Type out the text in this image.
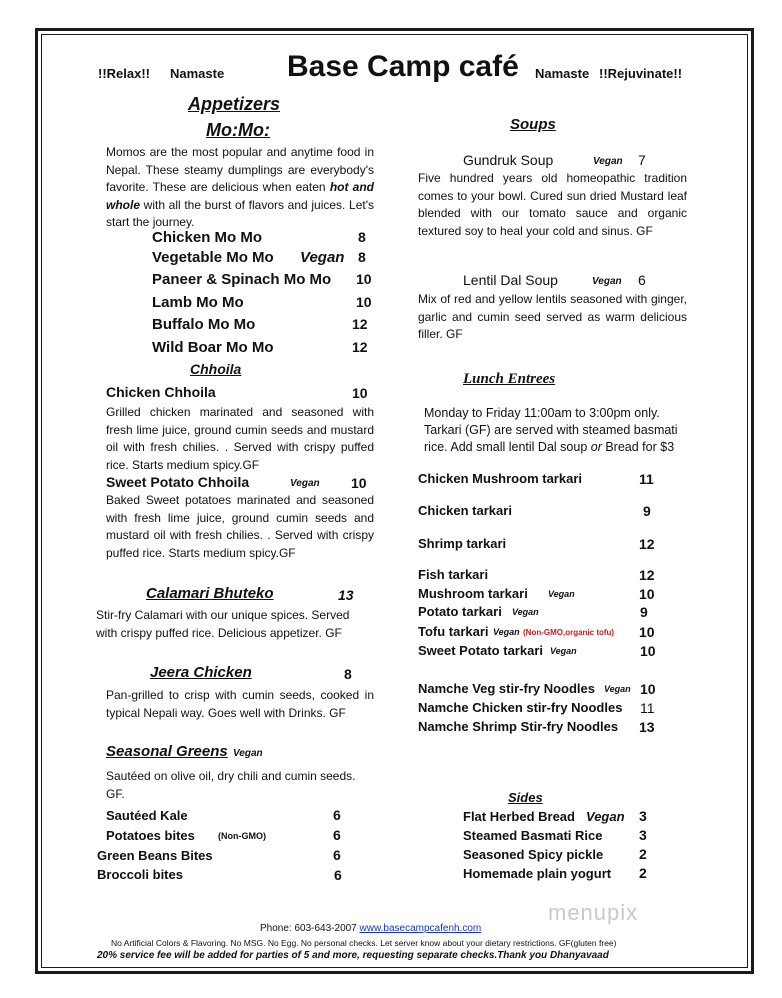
!!Relax!! Namaste Base Camp café Namaste !!Rejuvinate!!
Appetizers
Mo:Mo:
Momos are the most popular and anytime food in Nepal. These steamy dumplings are everybody's favorite. These are delicious when eaten hot and whole with all the burst of flavors and juices. Let's start the journey.
Chicken Mo Mo	8
Vegetable Mo Mo Vegan 8
Paneer & Spinach Mo Mo 10
Lamb Mo Mo	10
Buffalo Mo Mo	12
Wild Boar Mo Mo	12
Chhoila
Chicken Chhoila	10
Grilled chicken marinated and seasoned with fresh lime juice, ground cumin seeds and mustard oil with fresh chilies. . Served with crispy puffed rice. Starts medium spicy.GF
Sweet Potato Chhoila	Vegan 10
Baked Sweet potatoes marinated and seasoned with fresh lime juice, ground cumin seeds and mustard oil with fresh chilies. . Served with crispy puffed rice. Starts medium spicy.GF
Calamari Bhuteko	13
Stir-fry Calamari with our unique spices. Served with crispy puffed rice. Delicious appetizer. GF
Jeera Chicken	8
Pan-grilled to crisp with cumin seeds, cooked in typical Nepali way. Goes well with Drinks. GF
Seasonal Greens Vegan
Sautéed on olive oil, dry chili and cumin seeds. GF.
Sautéed Kale	6
Potatoes bites	(Non-GMO)	6
Green Beans Bites	6
Broccoli bites	6
Soups
Gundruk Soup	Vegan 7
Five hundred years old homeopathic tradition comes to your bowl. Cured sun dried Mustard leaf blended with our tomato sauce and organic textured soy to heal your cold and sinus. GF
Lentil Dal Soup	Vegan 6
Mix of red and yellow lentils seasoned with ginger, garlic and cumin seed served as warm delicious filler. GF
Lunch Entrees
Monday to Friday 11:00am to 3:00pm only.
Tarkari (GF) are served with steamed basmati
rice. Add small lentil Dal soup or Bread for $3
Chicken Mushroom tarkari	11
Chicken tarkari	9
Shrimp tarkari	12
Fish tarkari	12
Mushroom tarkari Vegan	10
Potato tarkari Vegan	9
Tofu tarkari Vegan (Non-GMO,organic tofu) 10
Sweet Potato tarkari Vegan	10
Namche Veg stir-fry Noodles Vegan 10
Namche Chicken stir-fry Noodles 11
Namche Shrimp Stir-fry Noodles 13
Sides
Flat Herbed Bread Vegan 3
Steamed Basmati Rice	3
Seasoned Spicy pickle	2
Homemade plain yogurt 2
menupix
Phone: 603-643-2007 www.basecampcafenh.com
No Artificial Colors & Flavoring. No MSG. No Egg. No personal checks. Let server know about your dietary restrictions. GF(gluten free)
20% service fee will be added for parties of 5 and more, requesting separate checks.Thank you Dhanyavaad
